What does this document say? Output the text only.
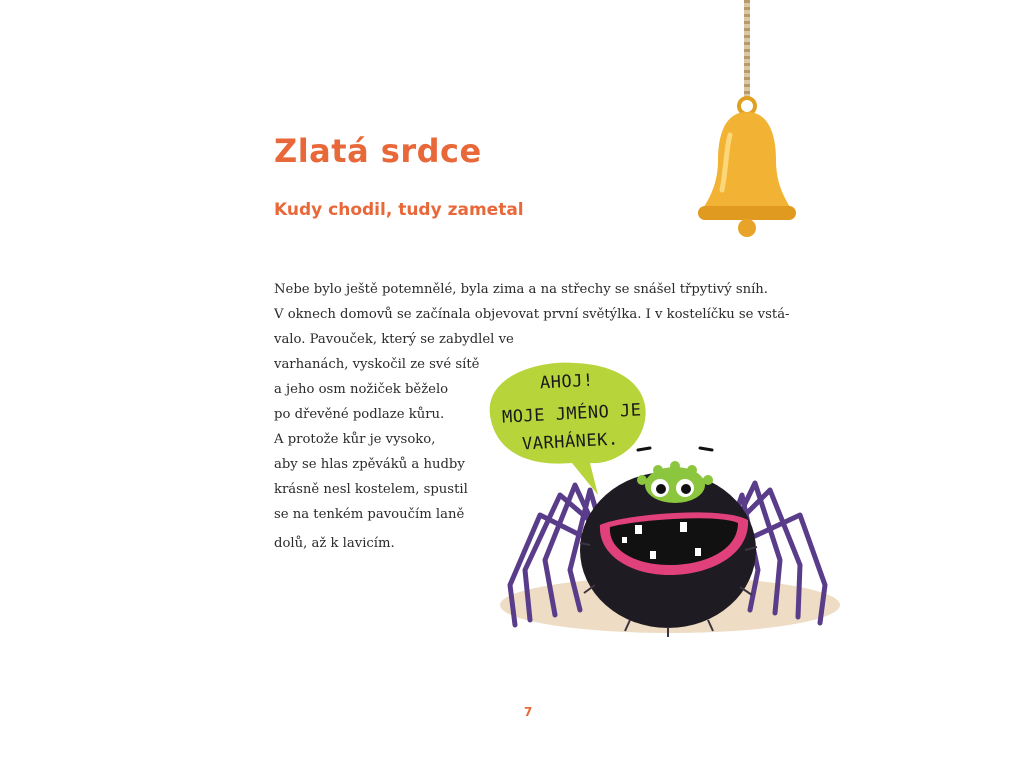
Zlatá srdce
Kudy chodil, tudy zametal

Nebe bylo ještě potemnělé, byla zima a na střechy se snášel třpytivý sníh.

V oknech domovů se začínala objevovat první světýlka. I v kostelíčku se vstá-

valo. Pavouček, který se zabydlel ve

varhanách, vyskočil ze své sítě

a jeho osm nožiček běželo

po dřevěné podlaze kůru.

A protože kůr je vysoko,

aby se hlas zpěváků a hudby

krásně nesl kostelem, spustil

se na tenkém pavoučím laně

dolů, až k lavicím.

AHOJ!

MOJE JMÉNO JE

VARHÁNEK.

7
